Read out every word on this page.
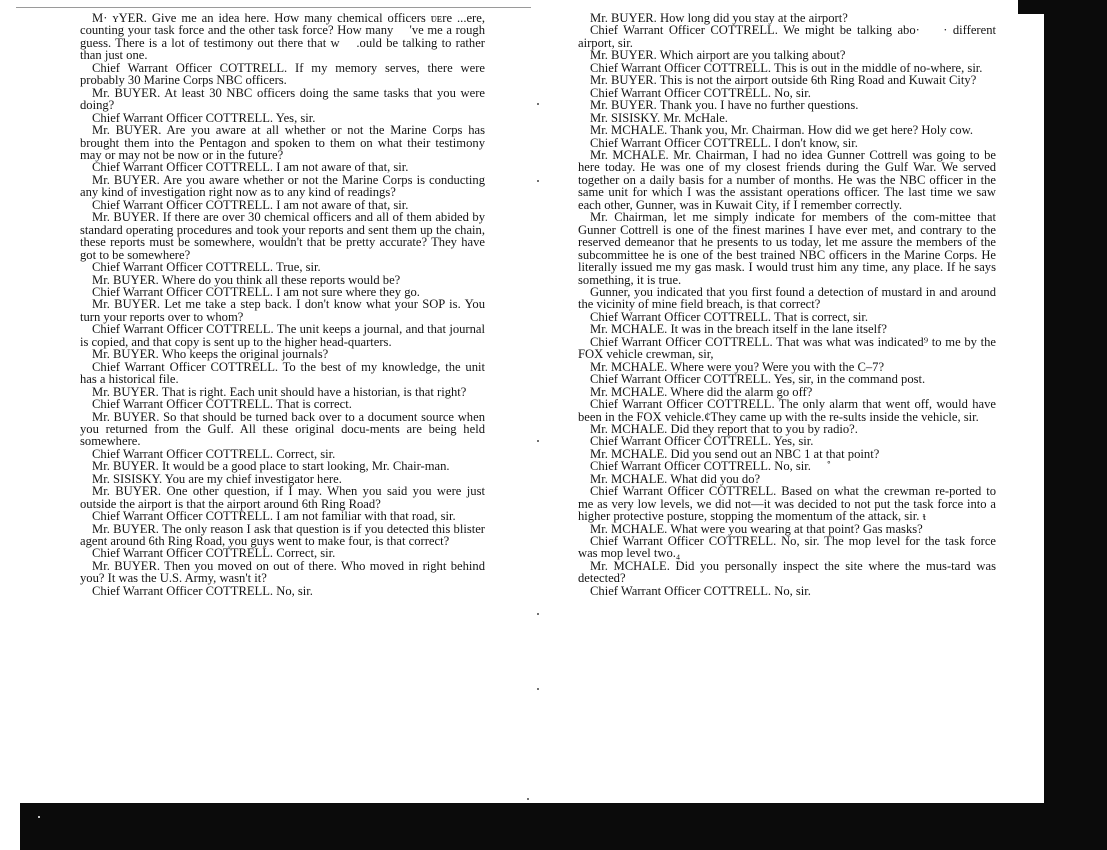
M· ʏYER. Give me an idea here. Hσᴡ many chemical officers ʋᴇre ...ere, counting your task force and the other task force? How many  've me a rough guess. There is a lot of testimony out there that ᴡ  .ould be talking to rather than just one.

Chief Warrant Officer COTTRELL. If my memory serves, there were probably 30 Marine Corps NBC officers.

Mr. BUYER. At least 30 NBC officers doing the same tasks that you were doing?

Chief Warrant Officer COTTRELL. Yes, sir.

Mr. BUYER. Are you aware at all whether or not the Marine Corps has brought them into the Pentagon and spoken to them on what their testimony may or may not be now or in the future?

Chief Warrant Officer COTTRELL. I am not aware of that, sir.

Mr. BUYER. Are you aware whether or not the Marine Corps is conducting any kind of investigation right now as to any kind of readings?

Chief Warrant Officer COTTRELL. I am not aware of that, sir.

Mr. BUYER. If there are over 30 chemical officers and all of them abided by standard operating procedures and took your reports and sent them up the chain, these reports must be somewhere, wouldn't that be pretty accurate? They have got to be somewhere?

Chief Warrant Officer COTTRELL. True, sir.

Mr. BUYER. Where do you think all these reports would be?

Chief Warrant Officer COTTRELL. I am not sure where they go.

Mr. BUYER. Let me take a step back. I don't know what your SOP is. You turn your reports over to whom?

Chief Warrant Officer COTTRELL. The unit keeps a journal, and that journal is copied, and that copy is sent up to the higher head-quarters.

Mr. BUYER. Who keeps the original journals?

Chief Warrant Officer COTTRELL. To the best of my knowledge, the unit has a historical file.

Mr. BUYER. That is right. Each unit should have a historian, is that right?

Chief Warrant Officer COTTRELL. That is correct.

Mr. BUYER. So that should be turned back over to a document source when you returned from the Gulf. All these original docu-ments are being held somewhere.

Chief Warrant Officer COTTRELL. Correct, sir.

Mr. BUYER. It would be a good place to start looking, Mr. Chair-man.

Mr. SISISKY. You are my chief investigator here.

Mr. BUYER. One other question, if I may. When you said you were just outside the airport is that the airport around 6th Ring Road?

Chief Warrant Officer COTTRELL. I am not familiar with that road, sir.

Mr. BUYER. The only reason I ask that question is if you detected this blister agent around 6th Ring Road, you guys went to make four, is that correct?

Chief Warrant Officer COTTRELL. Correct, sir.

Mr. BUYER. Then you moved on out of there. Who moved in right behind you? It was the U.S. Army, wasn't it?

Chief Warrant Officer COTTRELL. No, sir.

Mr. BUYER. How long did you stay at the airport?

Chief Warrant Officer COTTRELL. We might be talking abo·   · different airport, sir.

Mr. BUYER. Which airport are you talking about?

Chief Warrant Officer COTTRELL. This is out in the middle of no-where, sir.

Mr. BUYER. This is not the airport outside 6th Ring Road and Kuwait City?

Chief Warrant Officer COTTRELL. No, sir.

Mr. BUYER. Thank you. I have no further questions.

Mr. SISISKY. Mr. McHale.

Mr. MCHALE. Thank you, Mr. Chairman. How did we get here? Holy cow.

Chief Warrant Officer COTTRELL. I don't know, sir.

Mr. MCHALE. Mr. Chairman, I had no idea Gunner Cottrell was going to be here today. He was one of my closest friends during the Gulf War. We served together on a daily basis for a number of months. He was the NBC officer in the same unit for which I was the assistant operations officer. The last time we saw each other, Gunner, was in Kuwait City, if I remember correctly.

Mr. Chairman, let me simply indicate for members of the com-mittee that Gunner Cottrell is one of the finest marines I have ever met, and contrary to the reserved demeanor that he presents to us today, let me assure the members of the subcommittee he is one of the best trained NBC officers in the Marine Corps. He literally issued me my gas mask. I would trust him any time, any place. If he says something, it is true.

Gunner, you indicated that you first found a detection of mustard in and around the vicinity of mine field breach, is that correct?

Chief Warrant Officer COTTRELL. That is correct, sir.

Mr. MCHALE. It was in the breach itself in the lane itself?

Chief Warrant Officer COTTRELL. That was what was indicated⁹ to me by the FOX vehicle crewman, sir,

Mr. MCHALE. Where were you? Were you with the C–7?

Chief Warrant Officer COTTRELL. Yes, sir, in the command post.

Mr. MCHALE. Where did the alarm go off?

Chief Warrant Officer COTTRELL. The only alarm that went off, would have been in the FOX vehicle.¢They came up with the re-sults inside the vehicle, sir.

Mr. MCHALE. Did they report that to you by radio?.

Chief Warrant Officer COTTRELL. Yes, sir.

Mr. MCHALE. Did you send out an NBC 1 at that point?

Chief Warrant Officer COTTRELL. No, sir.  ˚

Mr. MCHALE. What did you do?

Chief Warrant Officer COTTRELL. Based on what the crewman re-ported to me as very low levels, we did not—it was decided to not put the task force into a higher protective posture, stopping the momentum of the attack, sir. ᵼ

Mr. MCHALE. What were you wearing at that point? Gas masks?

Chief Warrant Officer COTTRELL. No, sir. The mop level for the task force was mop level two.₄

Mr. MCHALE. Did you personally inspect the site where the mus-tard was detected?

Chief Warrant Officer COTTRELL. No, sir.
